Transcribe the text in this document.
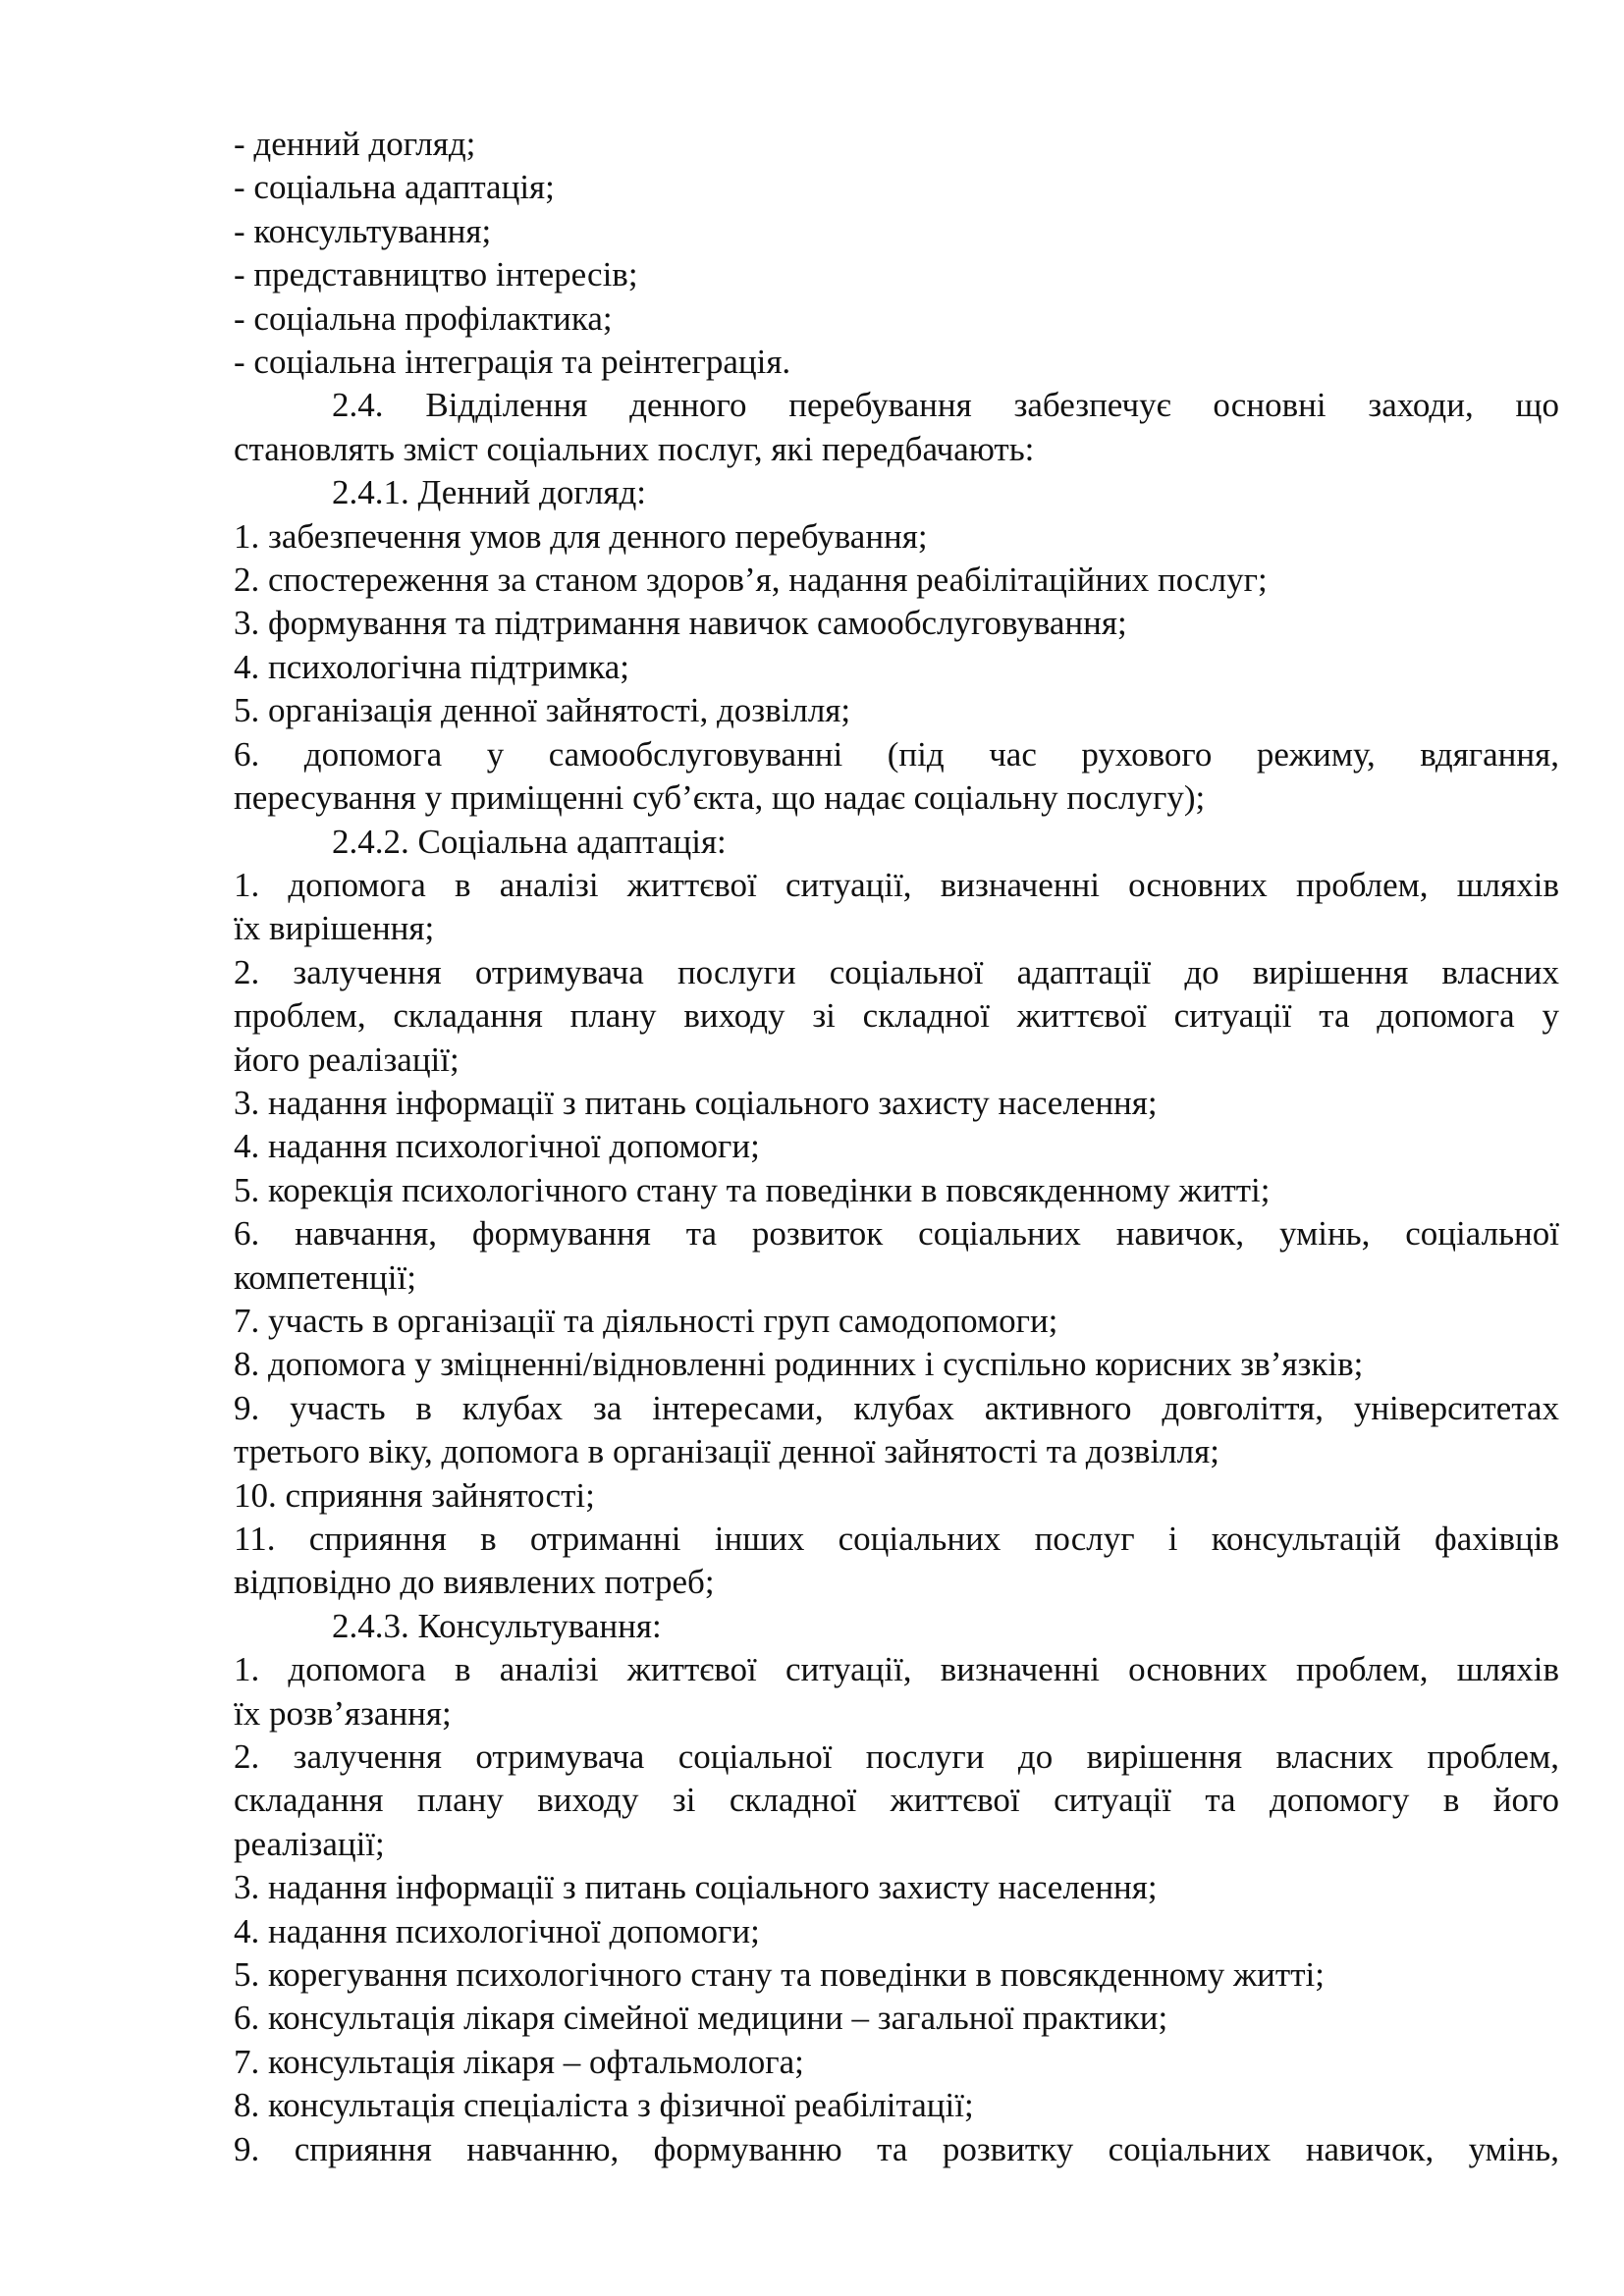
- денний догляд;
- соціальна адаптація;
- консультування;
- представництво інтересів;
- соціальна профілактика;
- соціальна інтеграція та реінтеграція.
2.4. Відділення денного перебування забезпечує основні заходи, що
становлять зміст соціальних послуг, які передбачають:
2.4.1. Денний догляд:
1. забезпечення умов для денного перебування;
2. спостереження за станом здоров’я, надання реабілітаційних послуг;
3. формування та підтримання навичок самообслуговування;
4. психологічна підтримка;
5. організація денної зайнятості, дозвілля;
6. допомога у самообслуговуванні (під час рухового режиму, вдягання,
пересування у приміщенні суб’єкта, що надає соціальну послугу);
2.4.2. Соціальна адаптація:
1. допомога в аналізі життєвої ситуації, визначенні основних проблем, шляхів
їх вирішення;
2. залучення отримувача послуги соціальної адаптації до вирішення власних
проблем, складання плану виходу зі складної життєвої ситуації та допомога у
його реалізації;
3. надання інформації з питань соціального захисту населення;
4. надання психологічної допомоги;
5. корекція психологічного стану та поведінки в повсякденному житті;
6. навчання, формування та розвиток соціальних навичок, умінь, соціальної
компетенції;
7. участь в організації та діяльності груп самодопомоги;
8. допомога у зміцненні/відновленні родинних і суспільно корисних зв’язків;
9. участь в клубах за інтересами, клубах активного довголіття, університетах
третього віку, допомога в організації денної зайнятості та дозвілля;
10. сприяння зайнятості;
11. сприяння в отриманні інших соціальних послуг і консультацій фахівців
відповідно до виявлених потреб;
2.4.3. Консультування:
1. допомога в аналізі життєвої ситуації, визначенні основних проблем, шляхів
їх розв’язання;
2. залучення отримувача соціальної послуги до вирішення власних проблем,
складання плану виходу зі складної життєвої ситуації та допомогу в його
реалізації;
3. надання інформації з питань соціального захисту населення;
4. надання психологічної допомоги;
5. корегування психологічного стану та поведінки в повсякденному житті;
6. консультація лікаря сімейної медицини – загальної практики;
7. консультація лікаря – офтальмолога;
8. консультація спеціаліста з фізичної реабілітації;
9. сприяння навчанню, формуванню та розвитку соціальних навичок, умінь,
